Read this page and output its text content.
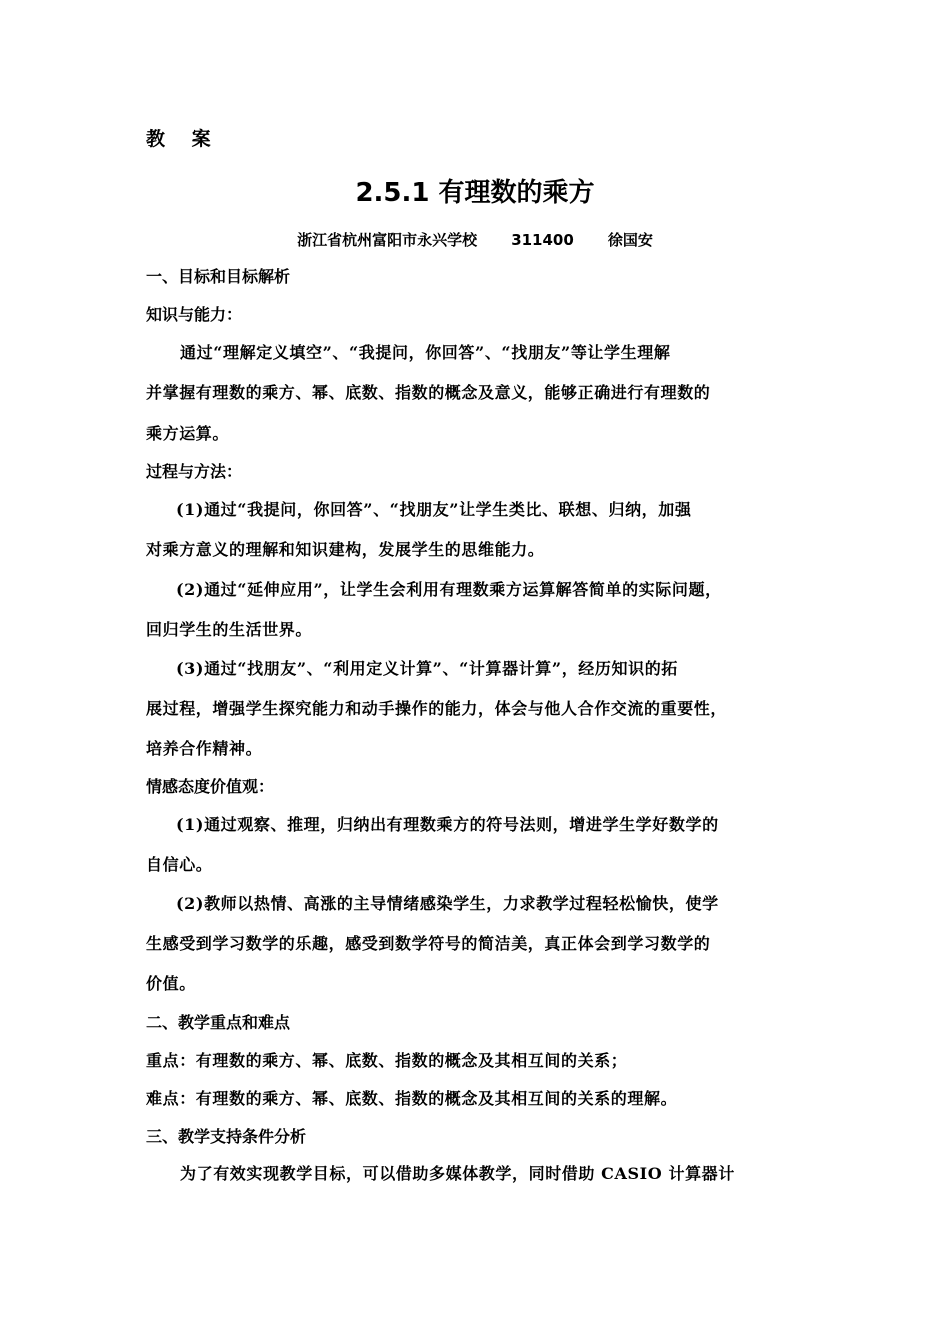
教 案
2.5.1 有理数的乘方
浙江省杭州富阳市永兴学校 311400 徐国安
一、目标和目标解析
知识与能力：
通过“理解定义填空”、“我提问，你回答”、“找朋友”等让学生理解
并掌握有理数的乘方、幂、底数、指数的概念及意义，能够正确进行有理数的
乘方运算。
过程与方法：
(1)通过“我提问，你回答”、“找朋友”让学生类比、联想、归纳，加强
对乘方意义的理解和知识建构，发展学生的思维能力。
(2)通过“延伸应用”，让学生会利用有理数乘方运算解答简单的实际问题，
回归学生的生活世界。
(3)通过“找朋友”、“利用定义计算”、“计算器计算”，经历知识的拓
展过程，增强学生探究能力和动手操作的能力，体会与他人合作交流的重要性，
培养合作精神。
情感态度价值观：
(1)通过观察、推理，归纳出有理数乘方的符号法则，增进学生学好数学的
自信心。
(2)教师以热情、高涨的主导情绪感染学生，力求教学过程轻松愉快，使学
生感受到学习数学的乐趣，感受到数学符号的简洁美，真正体会到学习数学的
价值。
二、教学重点和难点
重点：有理数的乘方、幂、底数、指数的概念及其相互间的关系；
难点：有理数的乘方、幂、底数、指数的概念及其相互间的关系的理解。
三、教学支持条件分析
为了有效实现教学目标，可以借助多媒体教学，同时借助 CASIO 计算器计
